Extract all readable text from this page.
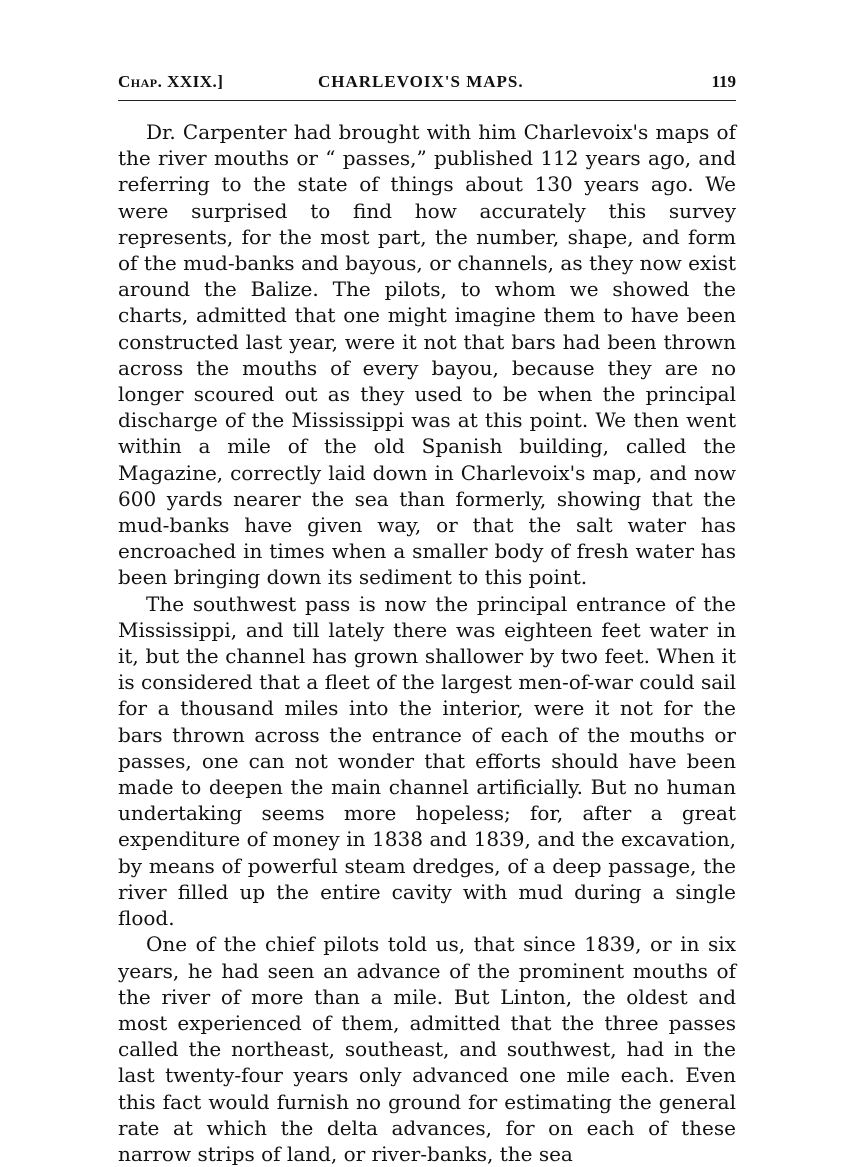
Chap. XXIX.]	CHARLEVOIX'S MAPS.	119

Dr. Carpenter had brought with him Charlevoix's maps of the river mouths or “ passes,” published 112 years ago, and referring to the state of things about 130 years ago. We were surprised to find how accurately this survey represents, for the most part, the number, shape, and form of the mud-banks and bayous, or channels, as they now exist around the Balize. The pilots, to whom we showed the charts, admitted that one might imagine them to have been constructed last year, were it not that bars had been thrown across the mouths of every bayou, because they are no longer scoured out as they used to be when the principal discharge of the Mississippi was at this point. We then went within a mile of the old Spanish building, called the Magazine, correctly laid down in Charlevoix's map, and now 600 yards nearer the sea than formerly, showing that the mud-banks have given way, or that the salt water has encroached in times when a smaller body of fresh water has been bringing down its sediment to this point.

The southwest pass is now the principal entrance of the Mississippi, and till lately there was eighteen feet water in it, but the channel has grown shallower by two feet. When it is considered that a fleet of the largest men-of-war could sail for a thousand miles into the interior, were it not for the bars thrown across the entrance of each of the mouths or passes, one can not wonder that efforts should have been made to deepen the main channel artificially. But no human undertaking seems more hopeless; for, after a great expenditure of money in 1838 and 1839, and the excavation, by means of powerful steam dredges, of a deep passage, the river filled up the entire cavity with mud during a single flood.

One of the chief pilots told us, that since 1839, or in six years, he had seen an advance of the prominent mouths of the river of more than a mile. But Linton, the oldest and most experienced of them, admitted that the three passes called the northeast, southeast, and southwest, had in the last twenty-four years only advanced one mile each. Even this fact would furnish no ground for estimating the general rate at which the delta advances, for on each of these narrow strips of land, or river-banks, the sea
